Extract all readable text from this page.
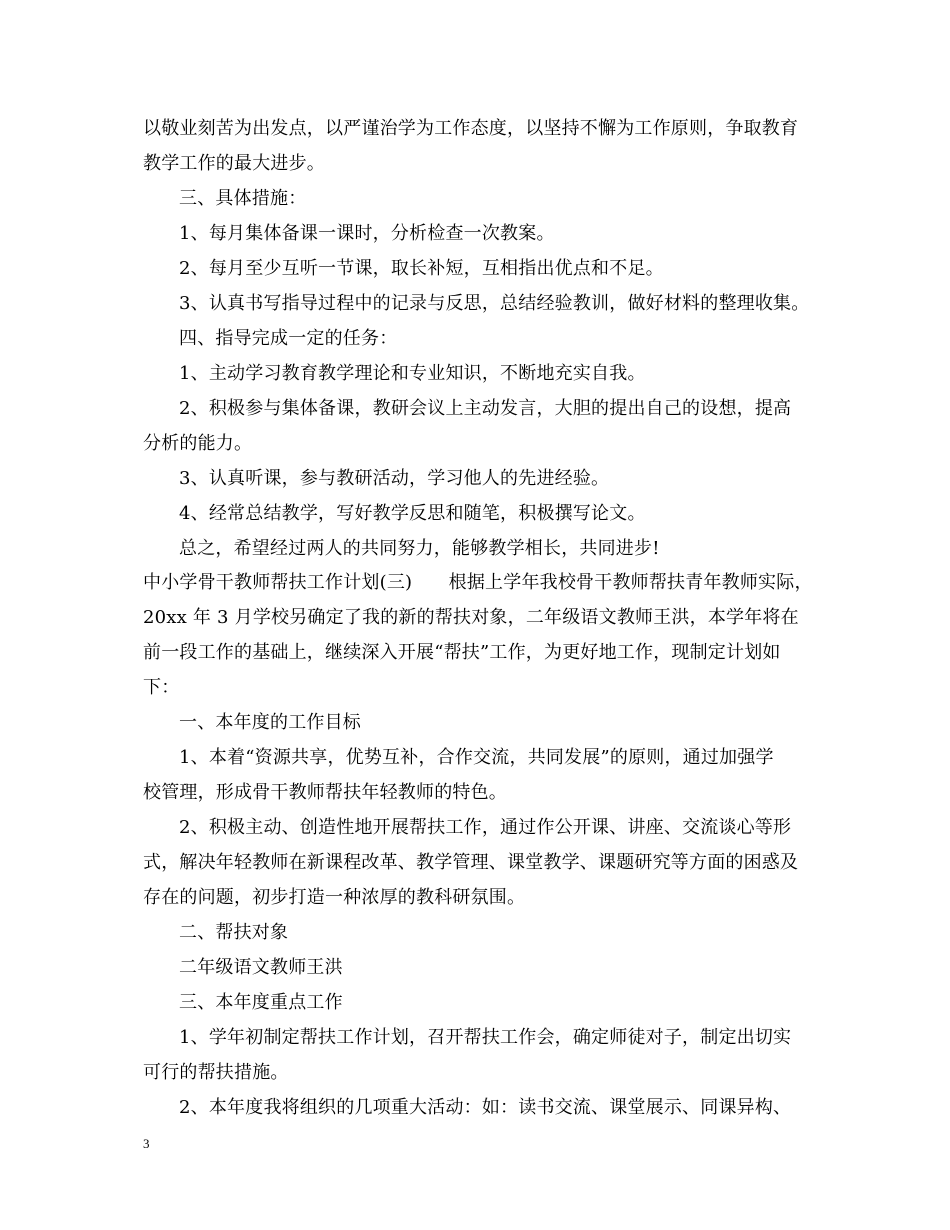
以敬业刻苦为出发点，以严谨治学为工作态度，以坚持不懈为工作原则，争取教育
教学工作的最大进步。
三、具体措施：
1、每月集体备课一课时，分析检查一次教案。
2、每月至少互听一节课，取长补短，互相指出优点和不足。
3、认真书写指导过程中的记录与反思，总结经验教训，做好材料的整理收集。
四、指导完成一定的任务：
1、主动学习教育教学理论和专业知识，不断地充实自我。
2、积极参与集体备课，教研会议上主动发言，大胆的提出自己的设想，提高
分析的能力。
3、认真听课，参与教研活动，学习他人的先进经验。
4、经常总结教学，写好教学反思和随笔，积极撰写论文。
总之，希望经过两人的共同努力，能够教学相长，共同进步!
中小学骨干教师帮扶工作计划(三)　　根据上学年我校骨干教师帮扶青年教师实际，
20xx 年 3 月学校另确定了我的新的帮扶对象，二年级语文教师王洪，本学年将在
前一段工作的基础上，继续深入开展“帮扶”工作，为更好地工作，现制定计划如
下：
一、本年度的工作目标
1、本着“资源共享，优势互补，合作交流，共同发展”的原则，通过加强学
校管理，形成骨干教师帮扶年轻教师的特色。
2、积极主动、创造性地开展帮扶工作，通过作公开课、讲座、交流谈心等形
式，解决年轻教师在新课程改革、教学管理、课堂教学、课题研究等方面的困惑及
存在的问题，初步打造一种浓厚的教科研氛围。
二、帮扶对象
二年级语文教师王洪
三、本年度重点工作
1、学年初制定帮扶工作计划，召开帮扶工作会，确定师徒对子，制定出切实
可行的帮扶措施。
2、本年度我将组织的几项重大活动：如：读书交流、课堂展示、同课异构、
3
